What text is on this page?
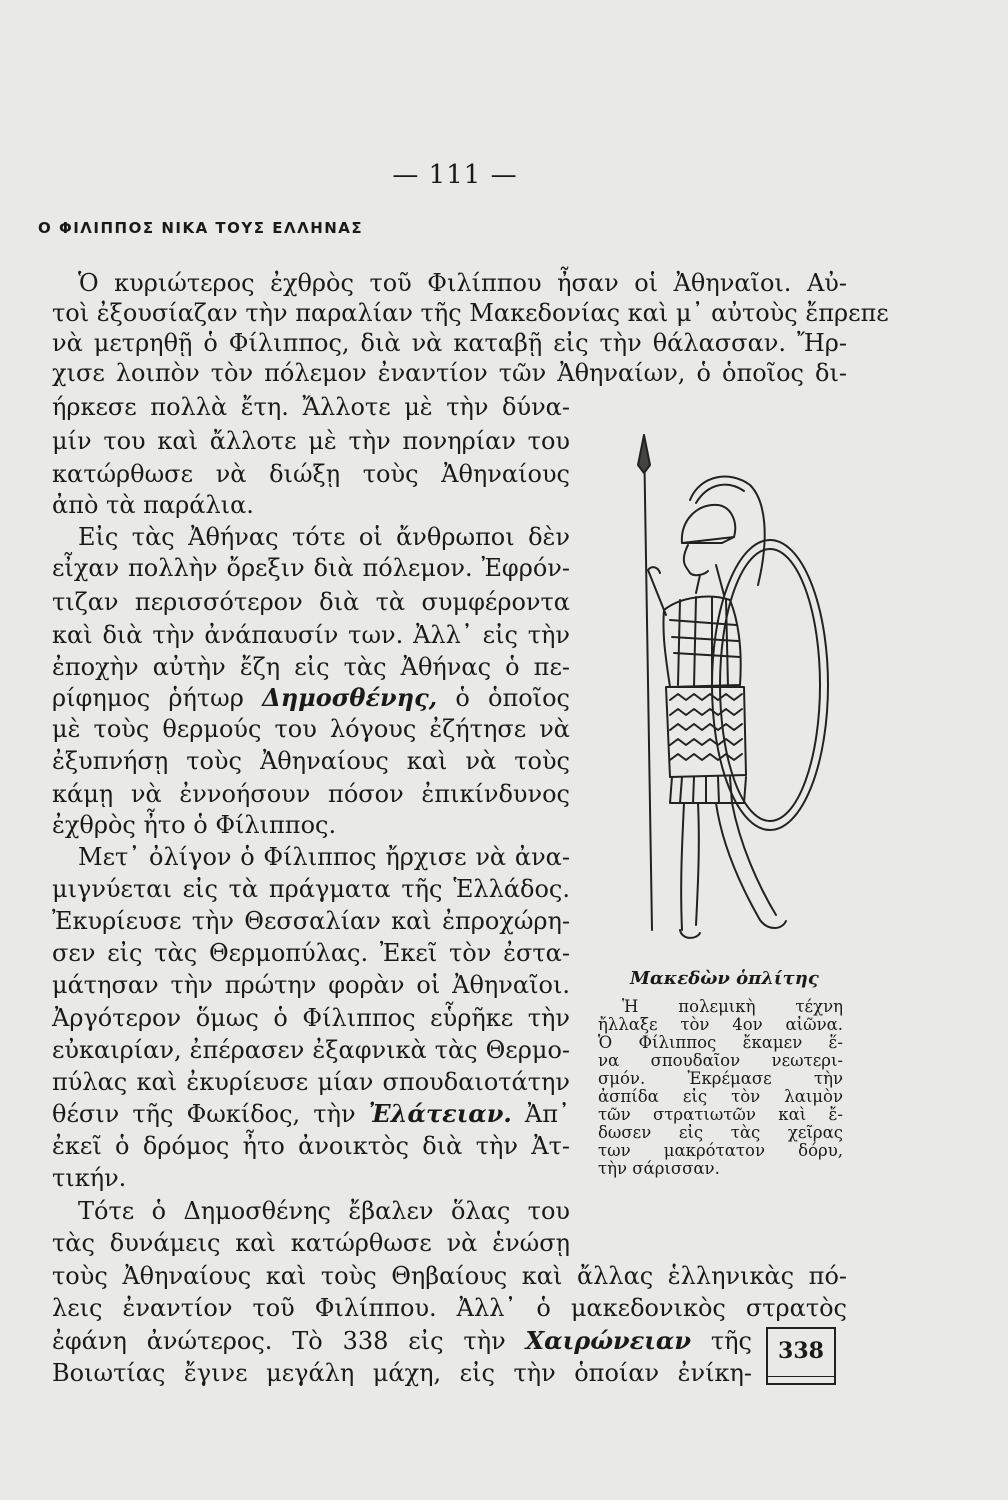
— 111 —
Ο ΦΙΛΙΠΠΟΣ ΝΙΚΑ ΤΟΥΣ ΕΛΛΗΝΑΣ
Ὁ κυριώτερος ἐχθρὸς τοῦ Φιλίππου ἦσαν οἱ Ἀθηναῖοι. Αὐ-
τοὶ ἐξουσίαζαν τὴν παραλίαν τῆς Μακεδονίας καὶ μ᾿ αὐτοὺς ἔπρεπε
νὰ μετρηθῇ ὁ Φίλιππος, διὰ νὰ καταβῇ εἰς τὴν θάλασσαν. Ἤρ-
χισε λοιπὸν τὸν πόλεμον ἐναντίον τῶν Ἀθηναίων, ὁ ὁποῖος δι-
ήρκεσε πολλὰ ἔτη. Ἄλλοτε μὲ τὴν δύνα-
μίν του καὶ ἄλλοτε μὲ τὴν πονηρίαν του
κατώρθωσε νὰ διώξῃ τοὺς Ἀθηναίους
ἀπὸ τὰ παράλια.
Εἰς τὰς Ἀθήνας τότε οἱ ἄνθρωποι δὲν
εἶχαν πολλὴν ὄρεξιν διὰ πόλεμον. Ἐφρόν-
τιζαν περισσότερον διὰ τὰ συμφέροντα
καὶ διὰ τὴν ἀνάπαυσίν των. Ἀλλ᾿ εἰς τὴν
ἐποχὴν αὐτὴν ἔζη εἰς τὰς Ἀθήνας ὁ πε-
ρίφημος ῥήτωρ Δημοσθένης, ὁ ὁποῖος
μὲ τοὺς θερμούς του λόγους ἐζήτησε νὰ
ἐξυπνήσῃ τοὺς Ἀθηναίους καὶ νὰ τοὺς
κάμῃ νὰ ἐννοήσουν πόσον ἐπικίνδυνος
ἐχθρὸς ἦτο ὁ Φίλιππος.
Μετ᾿ ὀλίγον ὁ Φίλιππος ἤρχισε νὰ ἀνα-
μιγνύεται εἰς τὰ πράγματα τῆς Ἑλλάδος.
Ἐκυρίευσε τὴν Θεσσαλίαν καὶ ἐπροχώρη-
σεν εἰς τὰς Θερμοπύλας. Ἐκεῖ τὸν ἐστα-
μάτησαν τὴν πρώτην φορὰν οἱ Ἀθηναῖοι.
Ἀργότερον ὅμως ὁ Φίλιππος εὗρῆκε τὴν
εὐκαιρίαν, ἐπέρασεν ἐξαφνικὰ τὰς Θερμο-
πύλας καὶ ἐκυρίευσε μίαν σπουδαιοτάτην
θέσιν τῆς Φωκίδος, τὴν Ἐλάτειαν. Ἀπ᾿
ἐκεῖ ὁ δρόμος ἦτο ἀνοικτὸς διὰ τὴν Ἀτ-
τικήν.
Τότε ὁ Δημοσθένης ἔβαλεν ὅλας του
τὰς δυνάμεις καὶ κατώρθωσε νὰ ἑνώσῃ
τοὺς Ἀθηναίους καὶ τοὺς Θηβαίους καὶ ἄλλας ἑλληνικὰς πό-
λεις ἐναντίον τοῦ Φιλίππου. Ἀλλ᾿ ὁ μακεδονικὸς στρατὸς
ἐφάνη ἀνώτερος. Τὸ 338 εἰς τὴν Χαιρώνειαν τῆς
Βοιωτίας ἔγινε μεγάλη μάχη, εἰς τὴν ὁποίαν ἐνίκη-
Μακεδὼν ὁπλίτης
Ἡ πολεμικὴ τέχνη
ἤλλαξε τὸν 4ον αἰῶνα.
Ὁ Φίλιππος ἔκαμεν ἕ-
να σπουδαῖον νεωτερι-
σμόν. Ἐκρέμασε τὴν
ἀσπίδα εἰς τὸν λαιμὸν
τῶν στρατιωτῶν καὶ ἔ-
δωσεν εἰς τὰς χεῖρας
των μακρότατον δόρυ,
τὴν σάρισσαν.
338
